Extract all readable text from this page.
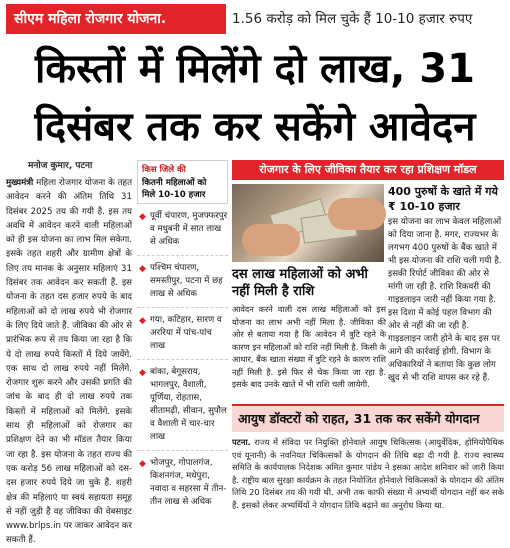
सीएम महिला रोजगार योजना.	1.56 करोड़ को मिल चुके हैं 10-10 हजार रुपए
किस्तों में मिलेंगे दो लाख, 31
दिसंबर तक कर सकेंगे आवेदन
मनोज कुमार, पटना
मुख्यमंत्री महिला रोजगार योजना के तहत आवेदन करने की अंतिम तिथि 31 दिसंबर 2025 तय की गयी है. इस तय अवधि में आवेदन करने वाली महिलाओं को ही इस योजना का लाभ मिल सकेगा. इसके तहत शहरी और ग्रामीण क्षेत्रों के लिए तय मानक के अनुसार महिलाएं 31 दिसंबर तक आवेदन कर सकती हैं. इस योजना के तहत दस हजार रुपये के बाद महिलाओं को दो लाख रुपये भी रोजगार के लिए दिये जाते हैं. जीविका की ओर से प्रारंभिक रूप से तय किया जा रहा है कि ये दो लाख रुपये किस्तों में दिये जायेंगे. एक साथ दो लाख रुपये नहीं मिलेंगे. रोजगार शुरू करने और उसकी प्रगति की जांच के बाद ही दो लाख रुपये तक किस्तों में महिलाओं को मिलेंगे. इसके साथ ही महिलाओं को रोजगार का प्रशिक्षण देने का भी मॉडल तैयार किया जा रहा है. इस योजना के तहत राज्य की एक करोड़ 56 लाख महिलाओं को दस-दस हजार रुपये दिये जा चुके हैं. शहरी क्षेत्र की महिलाएं या स्वयं सहायता समूह से नहीं जुड़ी हैं वह जीविका की वेबसाइट www.brlps.in पर जाकर आवेदन कर सकती हैं.
किस जिले की
कितनी महिलाओं को
मिले 10-10 हजार
◆ पूर्वी चंपारण, मुजफ्फरपुर व मधुबनी में सात लाख से अधिक
◆ पश्चिम चंपारण, समस्तीपुर, पटना में छह लाख से अधिक
◆ गया, कटिहार, सारण व अररिया में पांच-पांच लाख
◆ बांका, बेगूसराय, भागलपुर, वैशाली, पूर्णिया, रोहतास, सीतामढ़ी, सीवान, सुपौल व वैशाली में चार-चार लाख
◆ भोजपुर, गोपालगंज, किशनगंज, मधेपुरा, नवादा व सहरसा में तीन-तीन लाख से अधिक
रोजगार के लिए जीविका तैयार कर रहा प्रशिक्षण मॉडल
400 पुरुषों के खाते में गये ₹ 10-10 हजार
इस योजना का लाभ केवल महिलाओं को दिया जाना है. मगर, राज्यभर के लगभग 400 पुरुषों के बैंक खाते में भी इस योजना की राशि चली गयी है. इसकी रिपोर्ट जीविका की ओर से मांगी जा रही है. राशि रिकवरी की गाइडलाइन जारी नहीं किया गया है. इस दिशा में कोई पहल विभाग की ओर से नहीं की जा रही है. गाइडलाइन जारी होने के बाद इस पर आगे की कार्रवाई होगी. विभाग के अधिकारियों ने बताया कि कुछ लोग खुद से भी राशि वापस कर रहे हैं.
दस लाख महिलाओं को अभी नहीं मिली है राशि
आवेदन करने वाली दस लाख महिलाओं को इस योजना का लाभ अभी नहीं मिला है. जीविका की ओर से बताया गया है कि आवेदन में त्रुटि रहने के कारण इन महिलाओं को राशि नहीं मिली है. किसी के आधार, बैंक खाता संख्या में त्रुटि रहने के कारण राशि नहीं मिली है. इसे फिर से चेक किया जा रहा है. इसके बाद उनके खाते में भी राशि चली जायेगी.
आयुष डॉक्टरों को राहत, 31 तक कर सकेंगे योगदान
पटना. राज्य में संविदा पर नियुक्ति होनेवाले आयुष चिकित्सक (आयुर्वेदिक, होमियोपैथिक एवं यूनानी) के नवनियत चिकित्सकों के योगदान की तिथि बढ़ा दी गयी है. राज्य स्वास्थ्य समिति के कार्यपालक निदेशक अमित कुमार पांडेय ने इसका आदेश शनिवार को जारी किया है. राष्ट्रीय बाल सुरक्षा कार्यक्रम के तहत नियोजित होनेवाले चिकित्सकों के योगदान की अंतिम तिथि 20 दिसंबर तय की गयी थी. अभी तक काफी संख्या में अभ्यर्थी योगदान नहीं कर सके हैं. इसको लेकर अभ्यर्थियों ने योगदान तिथि बढ़ाने का अनुरोध किया था.
